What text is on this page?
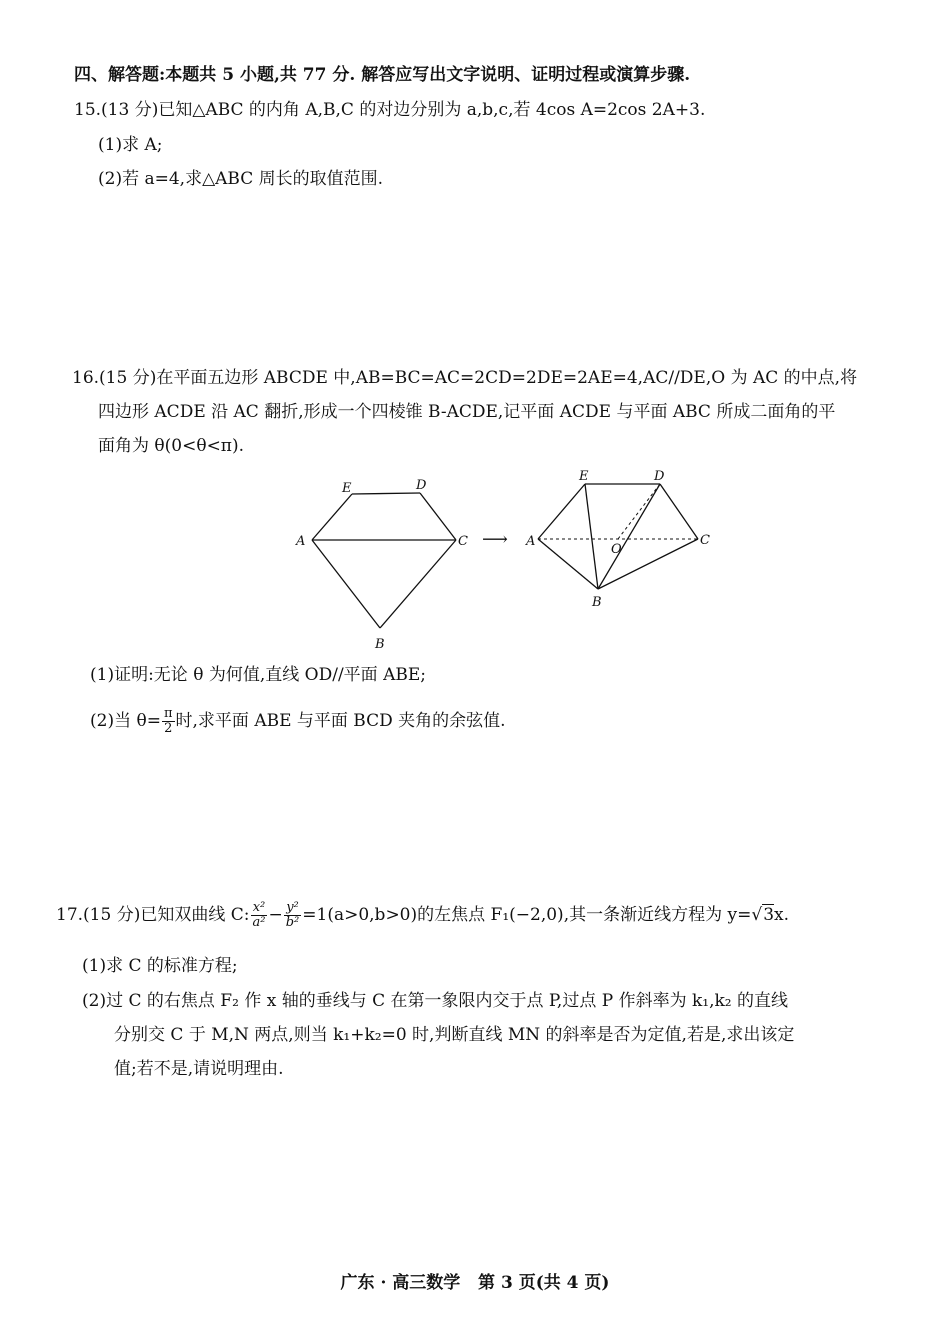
四、解答题:本题共 5 小题,共 77 分. 解答应写出文字说明、证明过程或演算步骤.
15.(13 分)已知△ABC 的内角 A,B,C 的对边分别为 a,b,c,若 4cos A=2cos 2A+3.
(1)求 A;
(2)若 a=4,求△ABC 周长的取值范围.
16.(15 分)在平面五边形 ABCDE 中,AB=BC=AC=2CD=2DE=2AE=4,AC//DE,O 为 AC 的中点,将
四边形 ACDE 沿 AC 翻折,形成一个四棱锥 B-ACDE,记平面 ACDE 与平面 ABC 所成二面角的平
面角为 θ(0<θ<π).
E	D
A	C
B
⟶
E	D
A
O
C
B
(1)证明:无论 θ 为何值,直线 OD//平面 ABE;
(2)当 $\theta= \frac{\pi}{2}$ 时,求平面 ABE 与平面 BCD 夹角的余弦值.
17.(15 分)已知双曲线 C: $\frac{\text{x²}}{\text{a²}} - \frac{\text{y²}}{\text{b²}} =1(a>0,b>0)$的左焦点 F₁(−2,0),其一条渐近线方程为 y=√3x.
(1)求 C 的标准方程;
(2)过 C 的右焦点 F₂ 作 x 轴的垂线与 C 在第一象限内交于点 P,过点 P 作斜率为 k₁,k₂ 的直线
分别交 C 于 M,N 两点,则当 k₁+k₂=0 时,判断直线 MN 的斜率是否为定值,若是,求出该定
值;若不是,请说明理由.
广东 · 高三数学   第 3 页(共 4 页)
